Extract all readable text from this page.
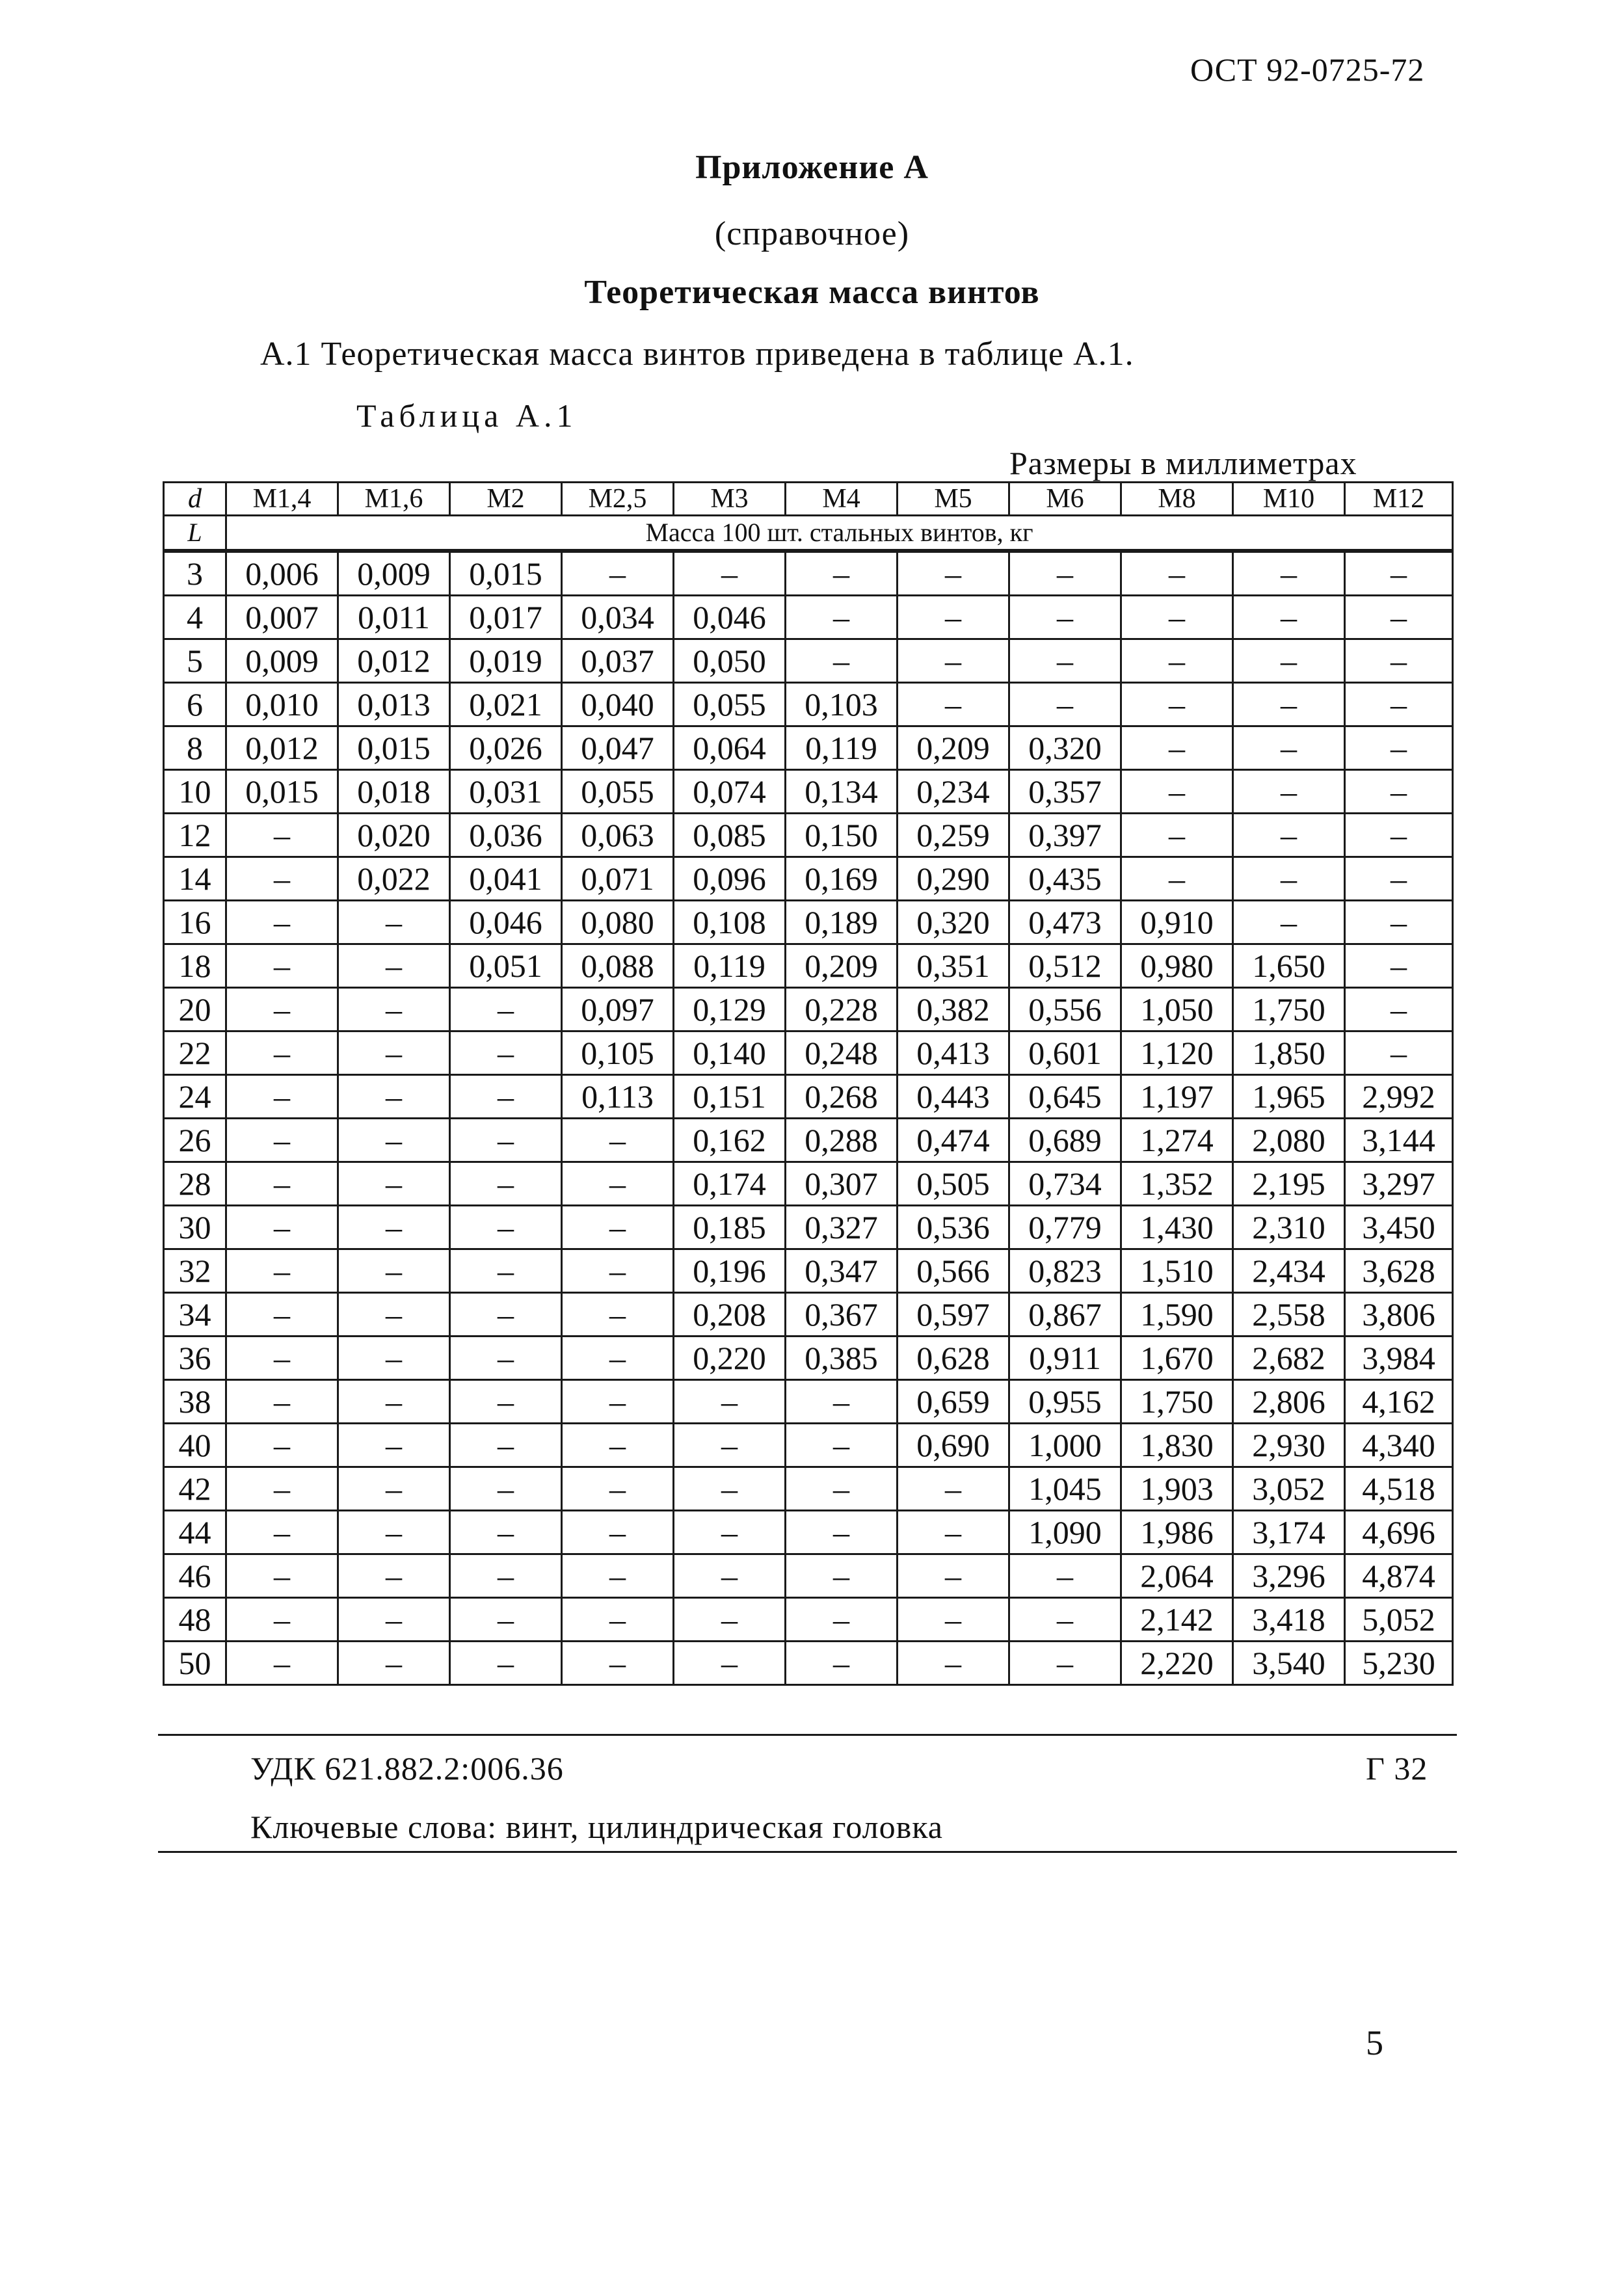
ОСТ 92-0725-72
Приложение А
(справочное)
Теоретическая масса винтов
А.1 Теоретическая масса винтов приведена в таблице А.1.
Таблица А.1
Размеры в миллиметрах
d	М1,4	М1,6	М2	М2,5	М3	М4	М5	М6	М8	М10	М12
L	Масса 100 шт. стальных винтов, кг										
3	0,006	0,009	0,015	–	–	–	–	–	–	–	–
4	0,007	0,011	0,017	0,034	0,046	–	–	–	–	–	–
5	0,009	0,012	0,019	0,037	0,050	–	–	–	–	–	–
6	0,010	0,013	0,021	0,040	0,055	0,103	–	–	–	–	–
8	0,012	0,015	0,026	0,047	0,064	0,119	0,209	0,320	–	–	–
10	0,015	0,018	0,031	0,055	0,074	0,134	0,234	0,357	–	–	–
12	–	0,020	0,036	0,063	0,085	0,150	0,259	0,397	–	–	–
14	–	0,022	0,041	0,071	0,096	0,169	0,290	0,435	–	–	–
16	–	–	0,046	0,080	0,108	0,189	0,320	0,473	0,910	–	–
18	–	–	0,051	0,088	0,119	0,209	0,351	0,512	0,980	1,650	–
20	–	–	–	0,097	0,129	0,228	0,382	0,556	1,050	1,750	–
22	–	–	–	0,105	0,140	0,248	0,413	0,601	1,120	1,850	–
24	–	–	–	0,113	0,151	0,268	0,443	0,645	1,197	1,965	2,992
26	–	–	–	–	0,162	0,288	0,474	0,689	1,274	2,080	3,144
28	–	–	–	–	0,174	0,307	0,505	0,734	1,352	2,195	3,297
30	–	–	–	–	0,185	0,327	0,536	0,779	1,430	2,310	3,450
32	–	–	–	–	0,196	0,347	0,566	0,823	1,510	2,434	3,628
34	–	–	–	–	0,208	0,367	0,597	0,867	1,590	2,558	3,806
36	–	–	–	–	0,220	0,385	0,628	0,911	1,670	2,682	3,984
38	–	–	–	–	–	–	0,659	0,955	1,750	2,806	4,162
40	–	–	–	–	–	–	0,690	1,000	1,830	2,930	4,340
42	–	–	–	–	–	–	–	1,045	1,903	3,052	4,518
44	–	–	–	–	–	–	–	1,090	1,986	3,174	4,696
46	–	–	–	–	–	–	–	–	2,064	3,296	4,874
48	–	–	–	–	–	–	–	–	2,142	3,418	5,052
50	–	–	–	–	–	–	–	–	2,220	3,540	5,230
УДК 621.882.2:006.36	Г 32
Ключевые слова: винт, цилиндрическая головка
5
